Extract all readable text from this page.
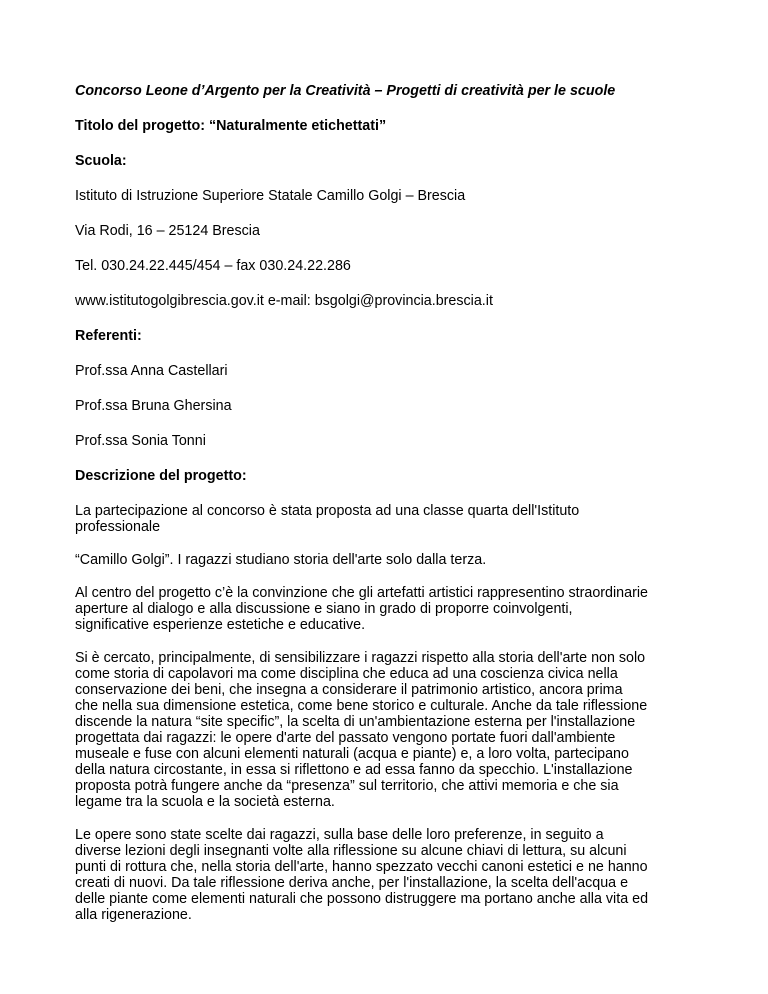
Concorso Leone d’Argento per la Creatività – Progetti di creatività per le scuole
Titolo del progetto: “Naturalmente etichettati”
Scuola:
Istituto di Istruzione Superiore Statale Camillo Golgi – Brescia
Via Rodi, 16 – 25124 Brescia
Tel. 030.24.22.445/454 – fax 030.24.22.286
www.istitutogolgibrescia.gov.it e-mail: bsgolgi@provincia.brescia.it
Referenti:
Prof.ssa Anna Castellari
Prof.ssa Bruna Ghersina
Prof.ssa Sonia Tonni
Descrizione del progetto:
La partecipazione al concorso è stata proposta ad una classe quarta dell'Istituto
professionale
“Camillo Golgi”. I ragazzi studiano storia dell'arte solo dalla terza.
Al centro del progetto c’è la convinzione che gli artefatti artistici rappresentino straordinarie
aperture al dialogo e alla discussione e siano in grado di proporre coinvolgenti,
significative esperienze estetiche e educative.
Si è cercato, principalmente, di sensibilizzare i ragazzi rispetto alla storia dell'arte non solo
come storia di capolavori ma come disciplina che educa ad una coscienza civica nella
conservazione dei beni, che insegna a considerare il patrimonio artistico, ancora prima
che nella sua dimensione estetica, come bene storico e culturale. Anche da tale riflessione
discende la natura “site specific”, la scelta di un'ambientazione esterna per l'installazione
progettata dai ragazzi: le opere d'arte del passato vengono portate fuori dall'ambiente
museale e fuse con alcuni elementi naturali (acqua e piante) e, a loro volta, partecipano
della natura circostante, in essa si riflettono e ad essa fanno da specchio. L'installazione
proposta potrà fungere anche da “presenza” sul territorio, che attivi memoria e che sia
legame tra la scuola e la società esterna.
Le opere sono state scelte dai ragazzi, sulla base delle loro preferenze, in seguito a
diverse lezioni degli insegnanti volte alla riflessione su alcune chiavi di lettura, su alcuni
punti di rottura che, nella storia dell'arte, hanno spezzato vecchi canoni estetici e ne hanno
creati di nuovi. Da tale riflessione deriva anche, per l'installazione, la scelta dell'acqua e
delle piante come elementi naturali che possono distruggere ma portano anche alla vita ed
alla rigenerazione.
